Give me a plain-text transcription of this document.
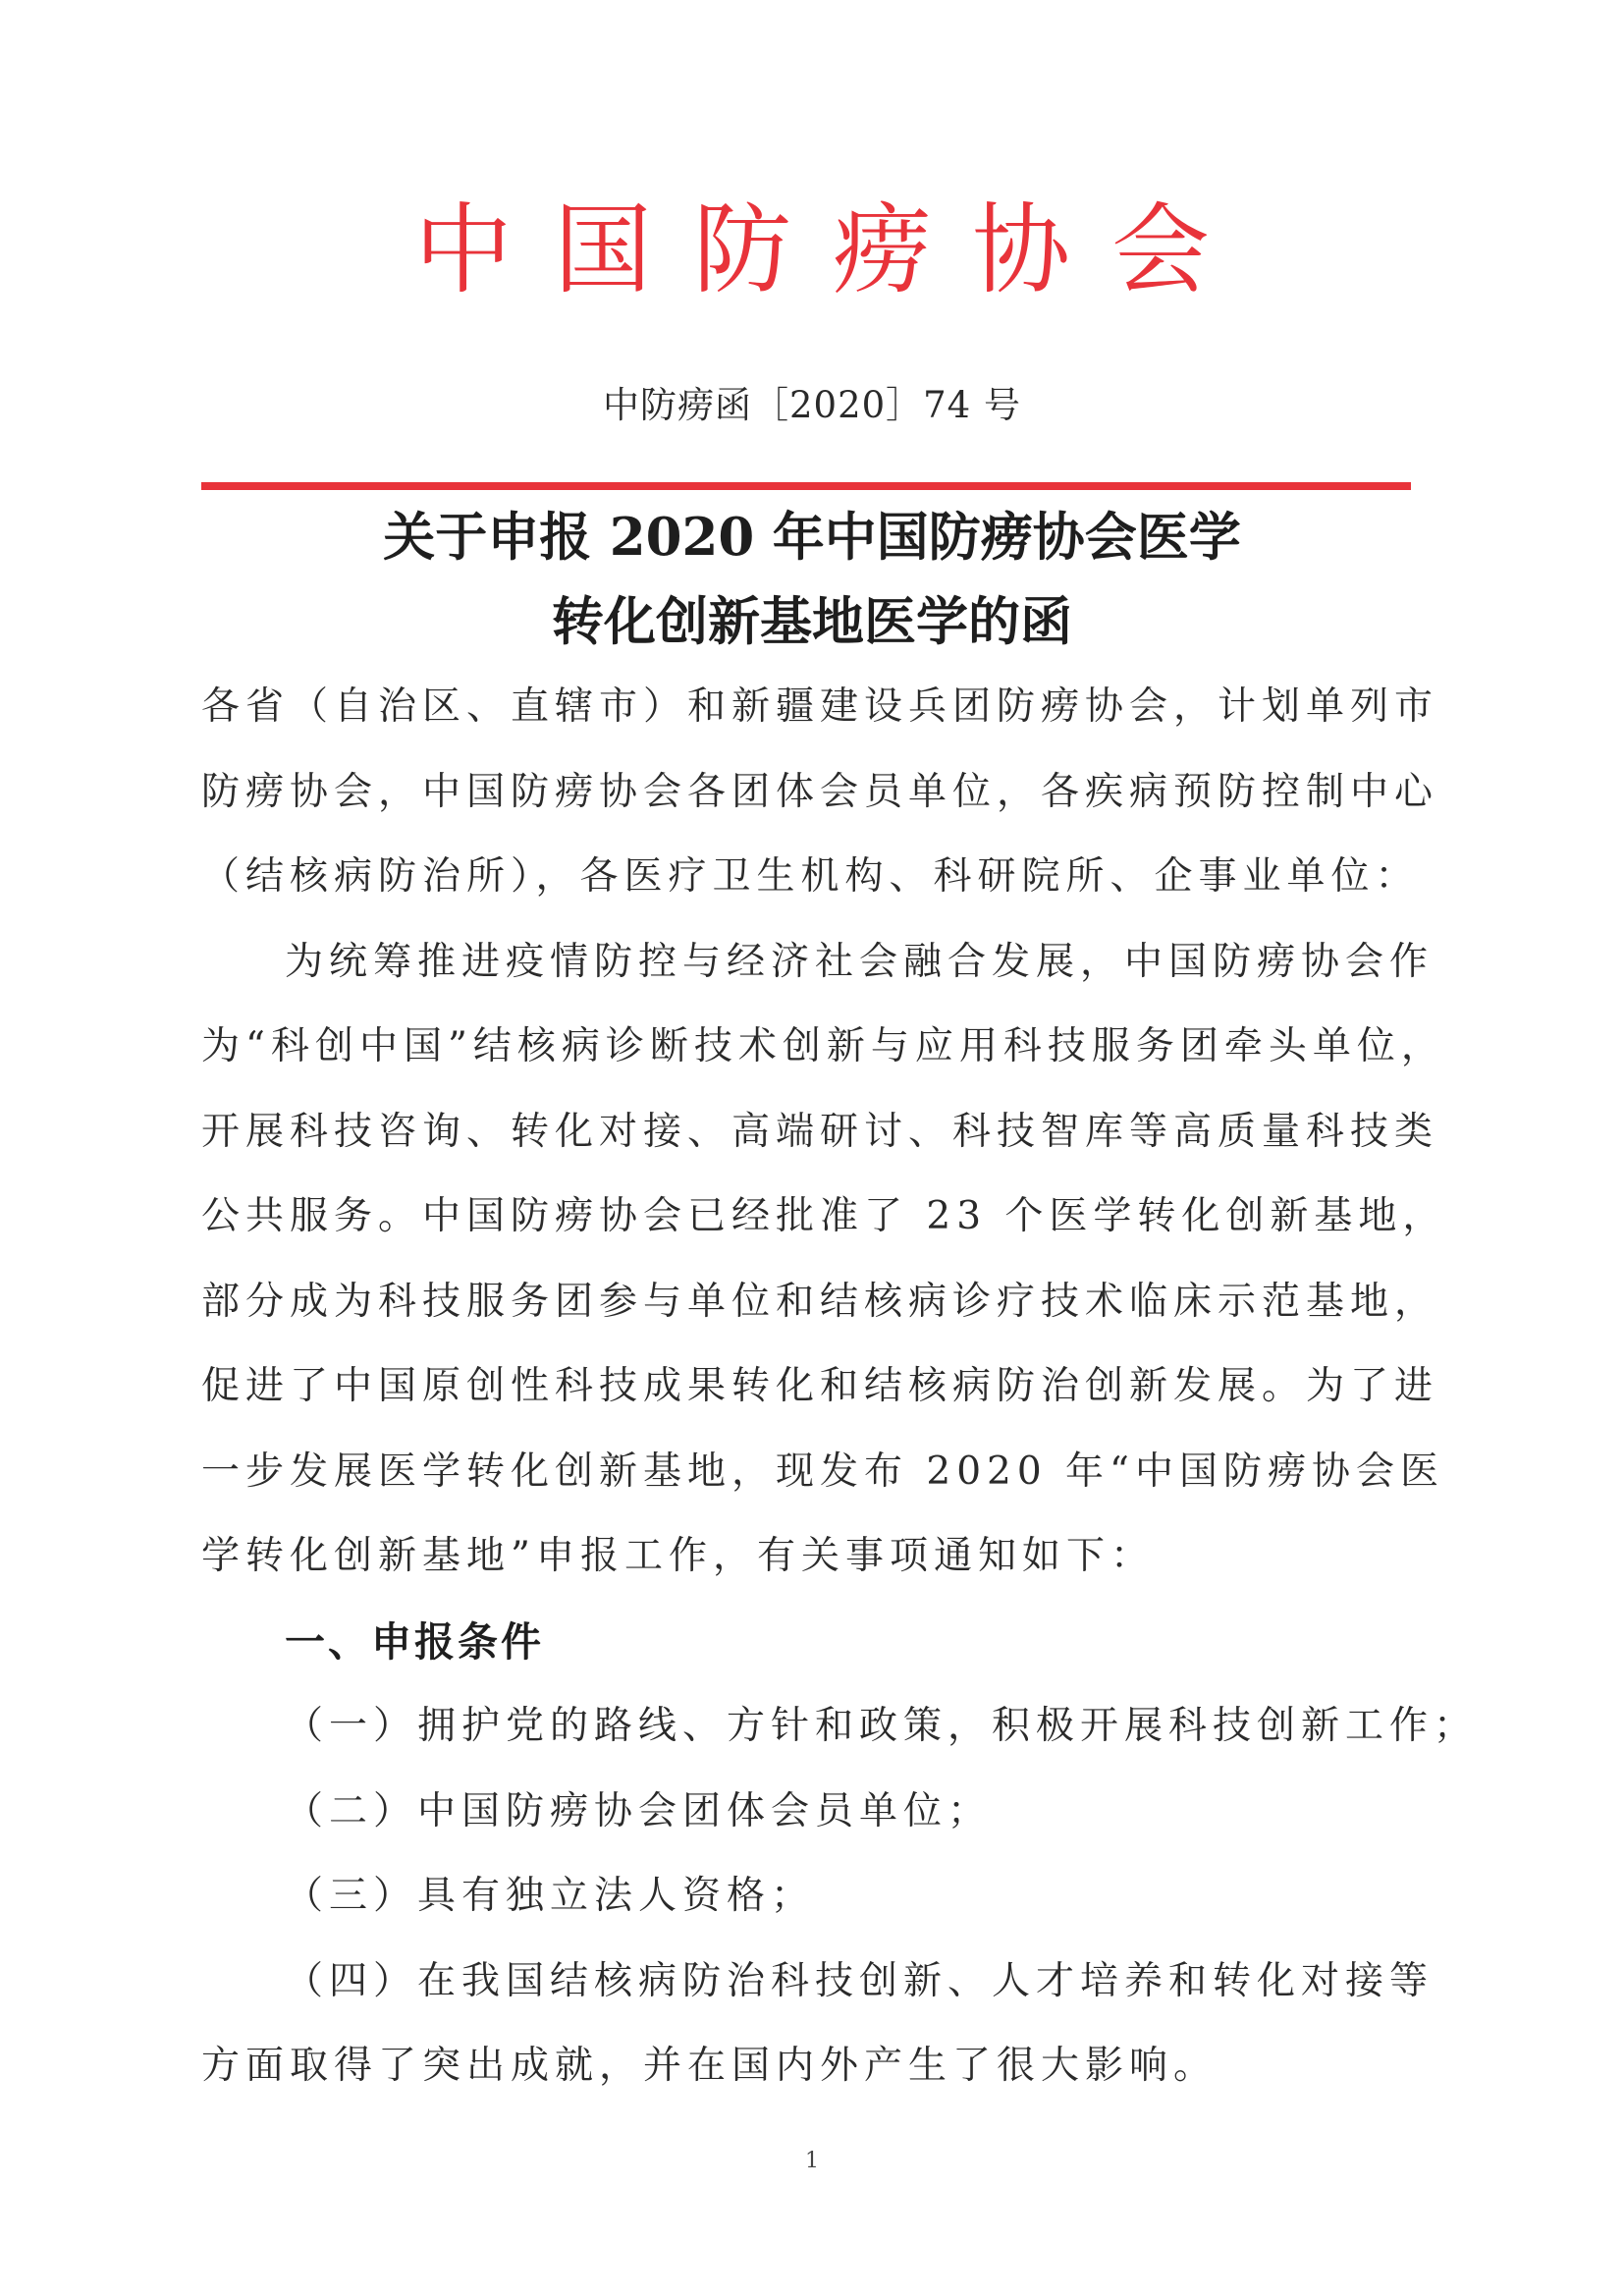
中国防痨协会
中防痨函［2020］74 号
关于申报 2020 年中国防痨协会医学
转化创新基地医学的函
各省（自治区、直辖市）和新疆建设兵团防痨协会，计划单列市
防痨协会，中国防痨协会各团体会员单位，各疾病预防控制中心
（结核病防治所），各医疗卫生机构、科研院所、企事业单位：
为统筹推进疫情防控与经济社会融合发展，中国防痨协会作
为“科创中国”结核病诊断技术创新与应用科技服务团牵头单位，
开展科技咨询、转化对接、高端研讨、科技智库等高质量科技类
公共服务。中国防痨协会已经批准了 23 个医学转化创新基地，
部分成为科技服务团参与单位和结核病诊疗技术临床示范基地，
促进了中国原创性科技成果转化和结核病防治创新发展。为了进
一步发展医学转化创新基地，现发布 2020 年“中国防痨协会医
学转化创新基地”申报工作，有关事项通知如下：
一、申报条件
（一）拥护党的路线、方针和政策，积极开展科技创新工作；
（二）中国防痨协会团体会员单位；
（三）具有独立法人资格；
（四）在我国结核病防治科技创新、人才培养和转化对接等
方面取得了突出成就，并在国内外产生了很大影响。
1
